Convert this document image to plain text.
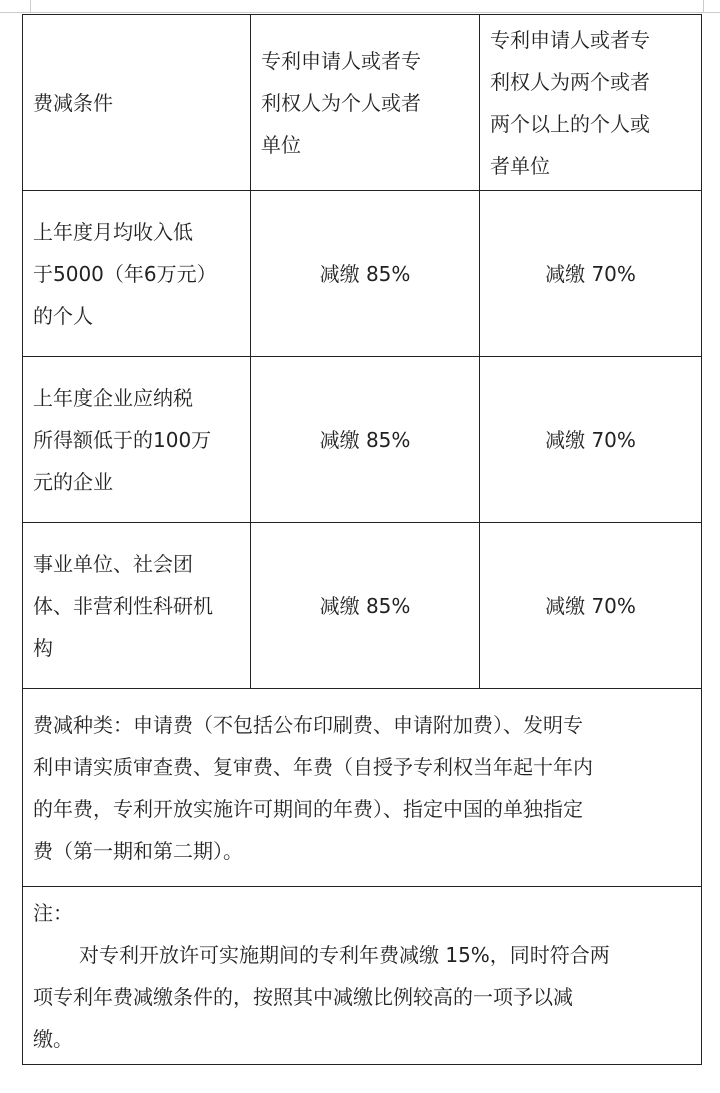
费减条件	专利申请人或者专
利权人为个人或者
单位	专利申请人或者专
利权人为两个或者
两个以上的个人或
者单位

上年度月均收入低
于5000（年6万元）
的个人	减缴 85%	减缴 70%

上年度企业应纳税
所得额低于的100万
元的企业	减缴 85%	减缴 70%

事业单位、社会团
体、非营利性科研机
构	减缴 85%	减缴 70%

费减种类：申请费（不包括公布印刷费、申请附加费）、发明专
利申请实质审查费、复审费、年费（自授予专利权当年起十年内
的年费，专利开放实施许可期间的年费）、指定中国的单独指定
费（第一期和第二期）。		

注：
对专利开放许可实施期间的专利年费减缴 15%，同时符合两
项专利年费减缴条件的，按照其中减缴比例较高的一项予以减
缴。		
